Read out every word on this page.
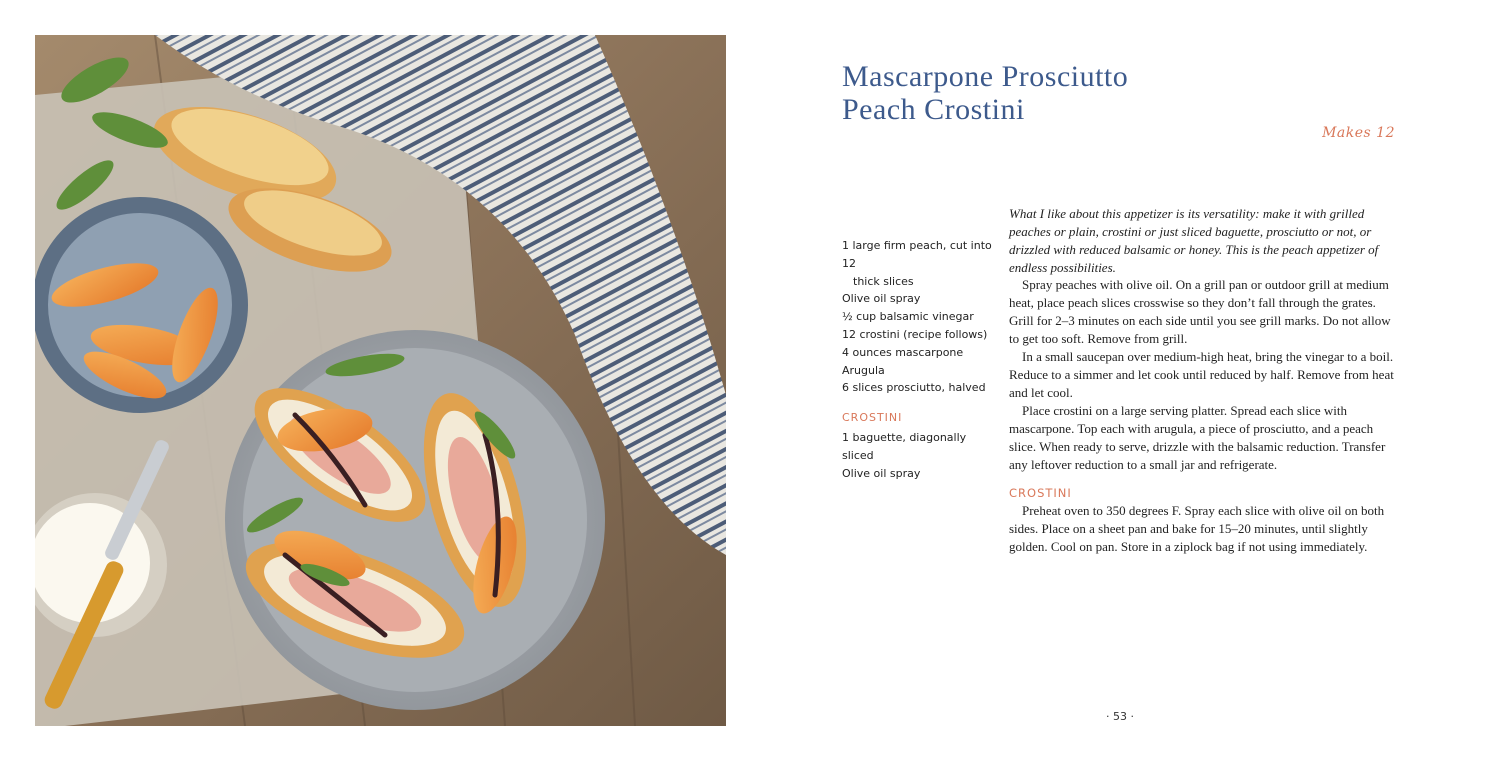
Mascarpone Prosciutto
Peach Crostini
Makes 12
1 large firm peach, cut into 12
thick slices
Olive oil spray
½ cup balsamic vinegar
12 crostini (recipe follows)
4 ounces mascarpone
Arugula
6 slices prosciutto, halved
CROSTINI
1 baguette, diagonally sliced
Olive oil spray

What I like about this appetizer is its versatility: make it with grilled peaches or plain, crostini or just sliced baguette, prosciutto or not, or drizzled with reduced balsamic or honey. This is the peach appetizer of endless possibilities.

Spray peaches with olive oil. On a grill pan or outdoor grill at medium heat, place peach slices crosswise so they don’t fall through the grates. Grill for 2–3 minutes on each side until you see grill marks. Do not allow to get too soft. Remove from grill.

In a small saucepan over medium-high heat, bring the vinegar to a boil. Reduce to a simmer and let cook until reduced by half. Remove from heat and let cool.

Place crostini on a large serving platter. Spread each slice with mascarpone. Top each with arugula, a piece of prosciutto, and a peach slice. When ready to serve, drizzle with the balsamic reduction. Transfer any leftover reduction to a small jar and refrigerate.

CROSTINI

Preheat oven to 350 degrees F. Spray each slice with olive oil on both sides. Place on a sheet pan and bake for 15–20 minutes, until slightly golden. Cool on pan. Store in a ziplock bag if not using immediately.

· 53 ·
